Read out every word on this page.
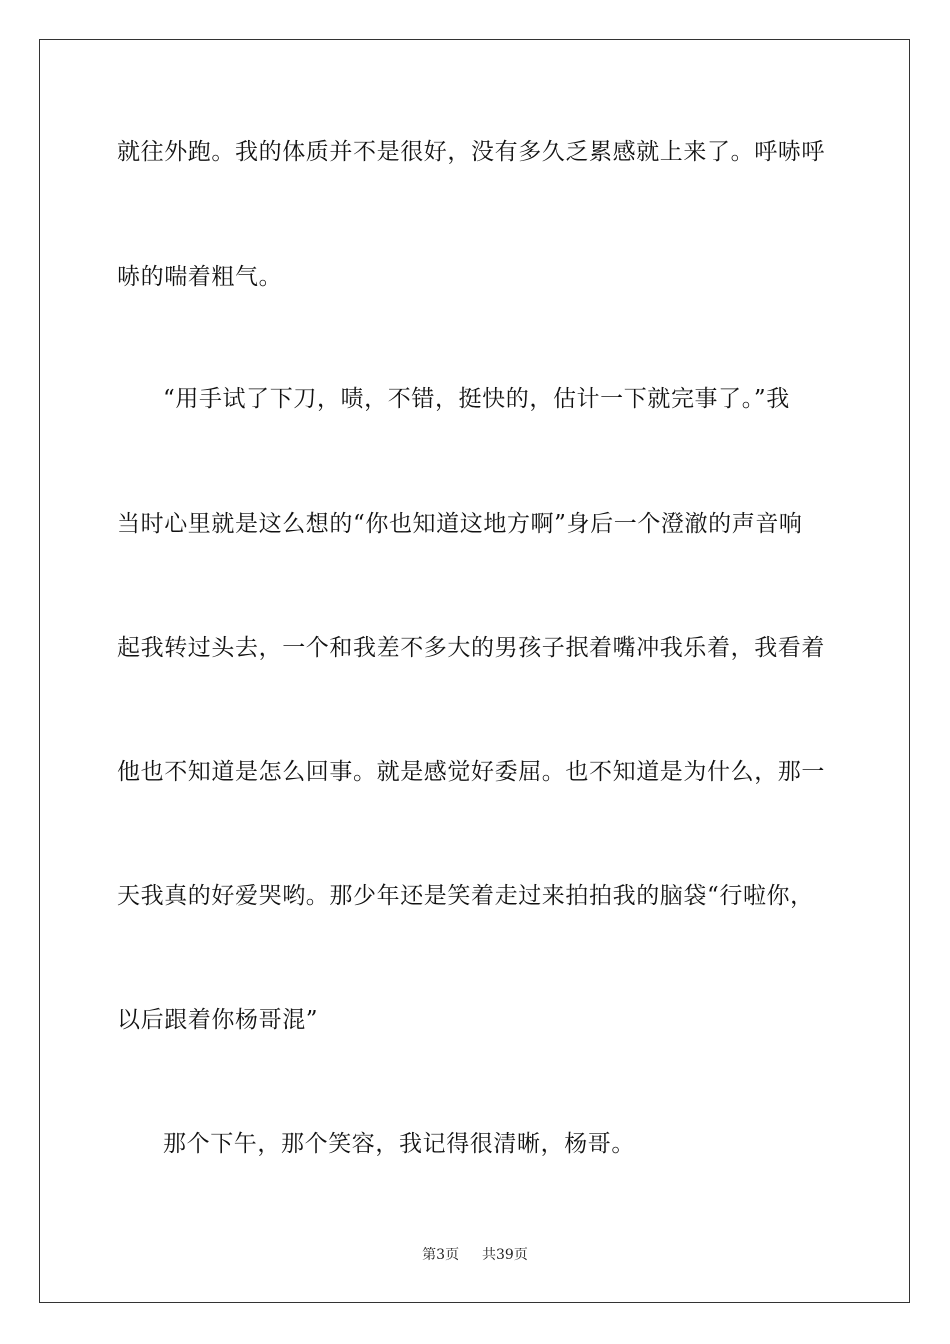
就往外跑。我的体质并不是很好，没有多久乏累感就上来了。呼哧呼
哧的喘着粗气。
“用手试了下刀，啧，不错，挺快的，估计一下就完事了。”我
当时心里就是这么想的“你也知道这地方啊”身后一个澄澈的声音响
起我转过头去，一个和我差不多大的男孩子抿着嘴冲我乐着，我看着
他也不知道是怎么回事。就是感觉好委屈。也不知道是为什么，那一
天我真的好爱哭哟。那少年还是笑着走过来拍拍我的脑袋“行啦你，
以后跟着你杨哥混”
那个下午，那个笑容，我记得很清晰，杨哥。
第3页 共39页
